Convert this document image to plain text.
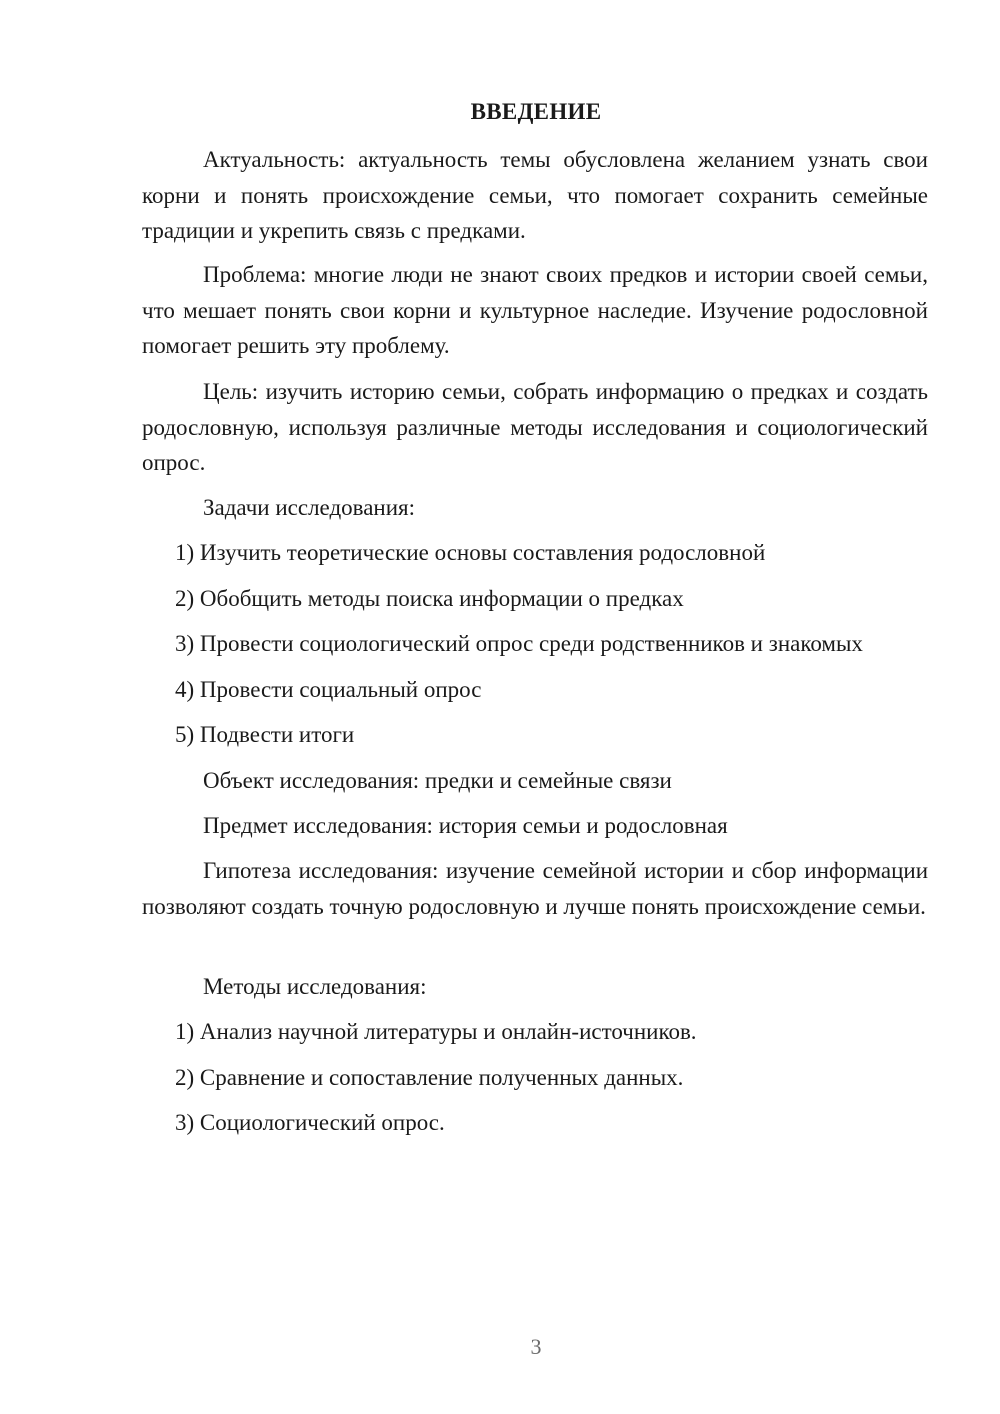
ВВЕДЕНИЕ

Актуальность: актуальность темы обусловлена желанием узнать свои корни и понять происхождение семьи, что помогает сохранить семейные традиции и укрепить связь с предками.

Проблема: многие люди не знают своих предков и истории своей семьи, что мешает понять свои корни и культурное наследие. Изучение родословной помогает решить эту проблему.

Цель: изучить историю семьи, собрать информацию о предках и создать родословную, используя различные методы исследования и социологический опрос.

Задачи исследования:
1) Изучить теоретические основы составления родословной
2) Обобщить методы поиска информации о предках
3) Провести социологический опрос среди родственников и знакомых
4) Провести социальный опрос
5) Подвести итоги
Объект исследования: предки и семейные связи
Предмет исследования: история семьи и родословная

Гипотеза исследования: изучение семейной истории и сбор информации позволяют создать точную родословную и лучше понять происхождение семьи.

Методы исследования:
1) Анализ научной литературы и онлайн-источников.
2) Сравнение и сопоставление полученных данных.
3) Социологический опрос.
3
